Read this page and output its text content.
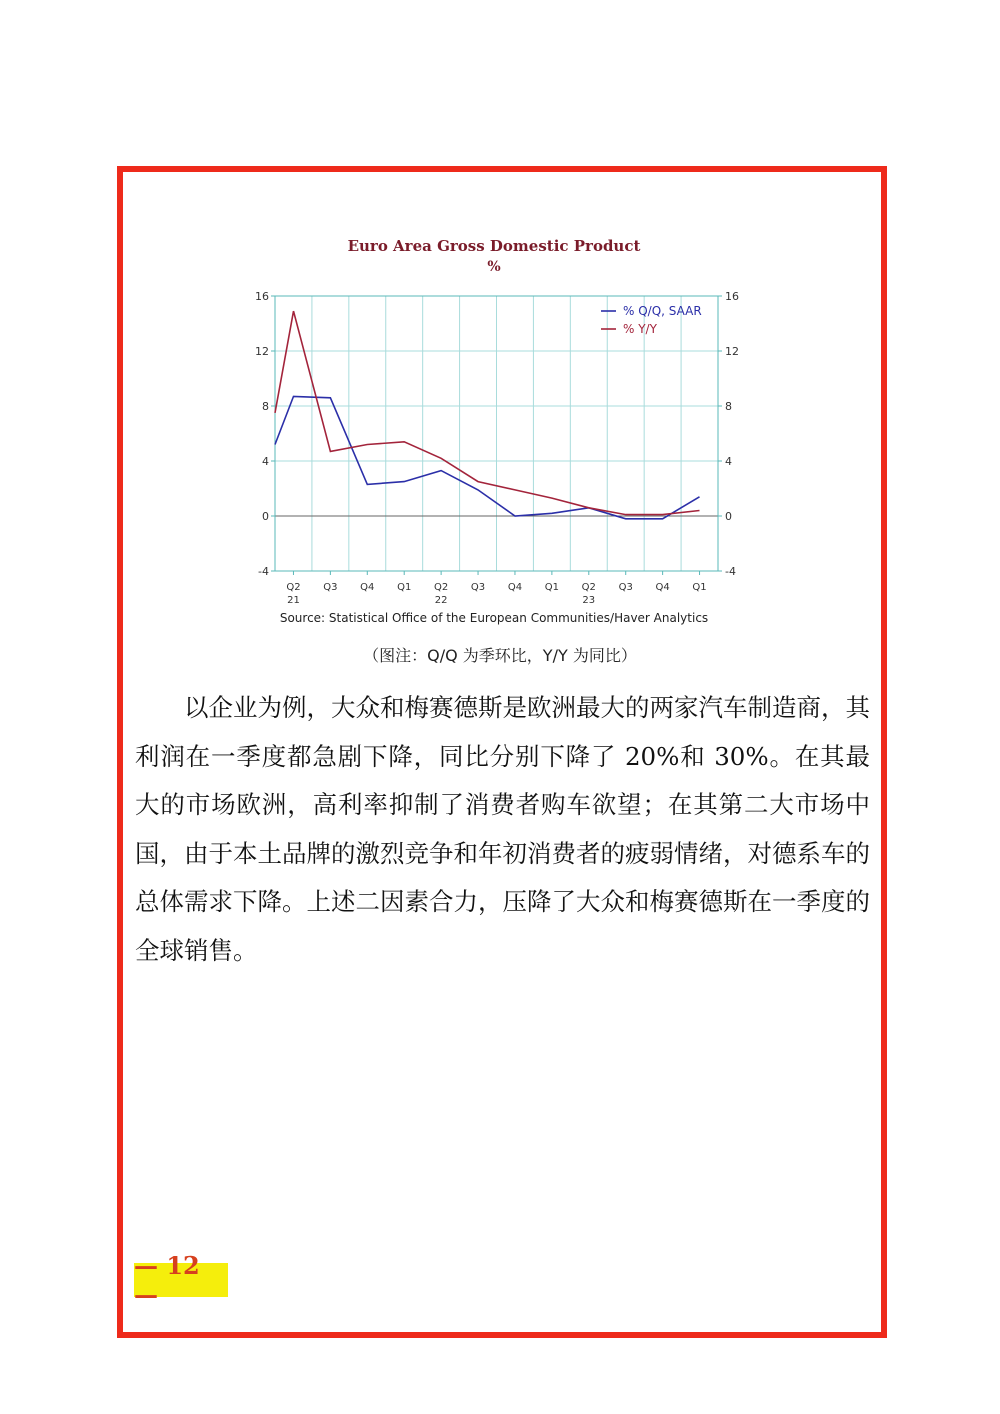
Euro Area Gross Domestic Product
%
16	16
12	12
8	8
4	4
0	0
-4	-4
Q2 Q3 Q4 Q1 Q2 Q3 Q4 Q1 Q2 Q3 Q4 Q1
21	22	23
% Q/Q, SAAR
% Y/Y
Source: Statistical Office of the European Communities/Haver Analytics
（图注：Q/Q 为季环比，Y/Y 为同比）

以企业为例，大众和梅赛德斯是欧洲最大的两家汽车制造商，其利润在一季度都急剧下降，同比分别下降了 20%和 30%。在其最大的市场欧洲，高利率抑制了消费者购车欲望；在其第二大市场中国，由于本土品牌的激烈竞争和年初消费者的疲弱情绪，对德系车的总体需求下降。上述二因素合力，压降了大众和梅赛德斯在一季度的全球销售。

— 12 —
